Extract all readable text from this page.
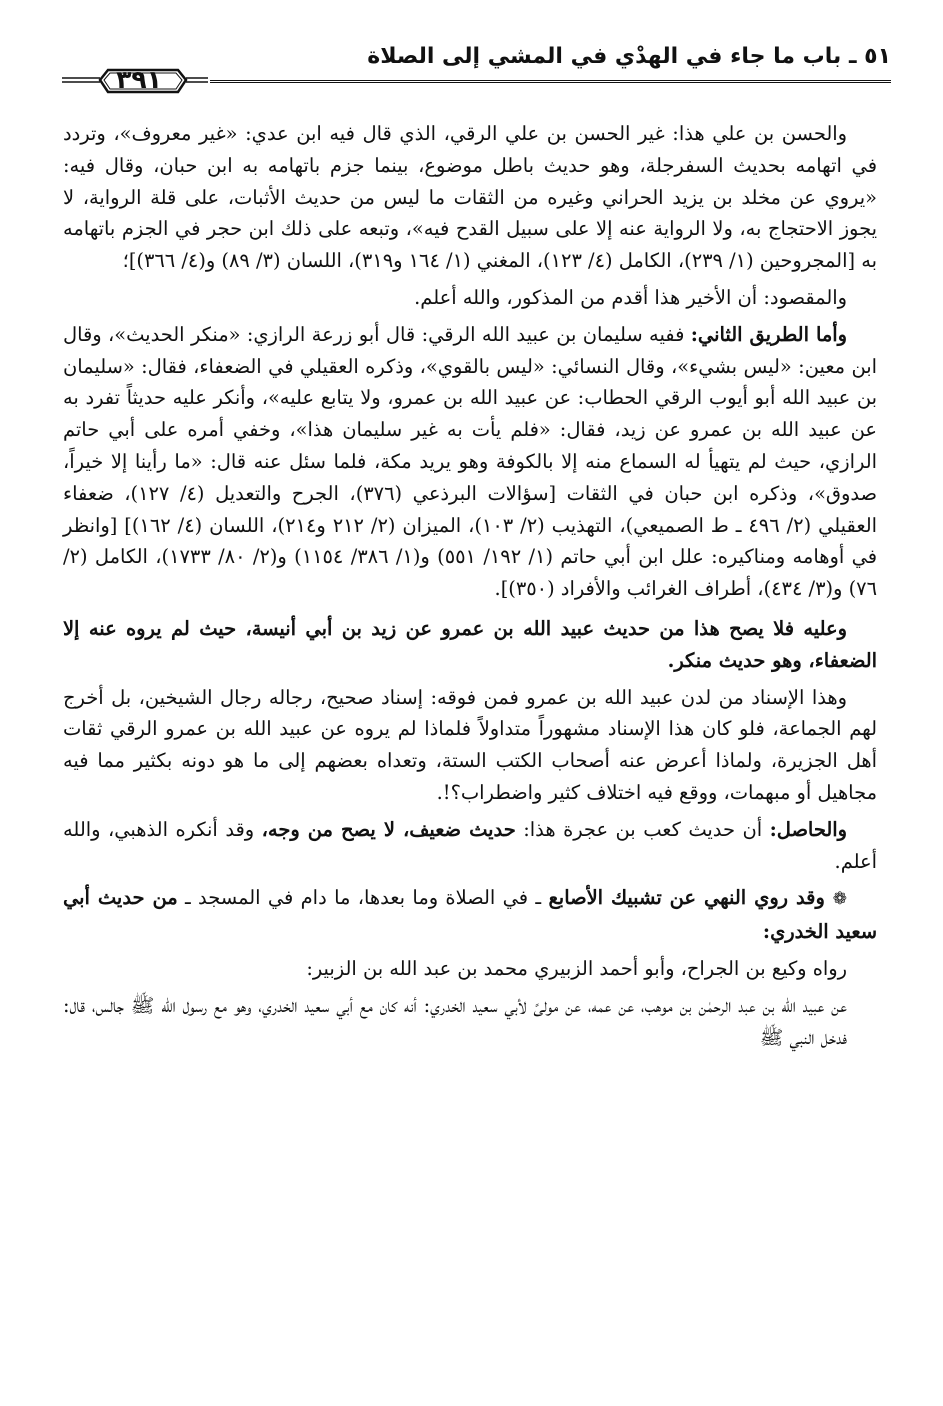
٥١ ـ باب ما جاء في الهدْي في المشي إلى الصلاة
٣٩١

والحسن بن علي هذا: غير الحسن بن علي الرقي، الذي قال فيه ابن عدي: «غير معروف»، وتردد في اتهامه بحديث السفرجلة، وهو حديث باطل موضوع، بينما جزم باتهامه به ابن حبان، وقال فيه: «يروي عن مخلد بن يزيد الحراني وغيره من الثقات ما ليس من حديث الأثبات، على قلة الرواية، لا يجوز الاحتجاج به، ولا الرواية عنه إلا على سبيل القدح فيه»، وتبعه على ذلك ابن حجر في الجزم باتهامه به [المجروحين (١/ ٢٣٩)، الكامل (٤/ ١٢٣)، المغني (١/ ١٦٤ و٣١٩)، اللسان (٣/ ٨٩) و(٤/ ٣٦٦)]؛

والمقصود: أن الأخير هذا أقدم من المذكور، والله أعلم.

وأما الطريق الثاني: ففيه سليمان بن عبيد الله الرقي: قال أبو زرعة الرازي: «منكر الحديث»، وقال ابن معين: «ليس بشيء»، وقال النسائي: «ليس بالقوي»، وذكره العقيلي في الضعفاء، فقال: «سليمان بن عبيد الله أبو أيوب الرقي الحطاب: عن عبيد الله بن عمرو، ولا يتابع عليه»، وأنكر عليه حديثاً تفرد به عن عبيد الله بن عمرو عن زيد، فقال: «فلم يأت به غير سليمان هذا»، وخفي أمره على أبي حاتم الرازي، حيث لم يتهيأ له السماع منه إلا بالكوفة وهو يريد مكة، فلما سئل عنه قال: «ما رأينا إلا خيراً، صدوق»، وذكره ابن حبان في الثقات [سؤالات البرذعي (٣٧٦)، الجرح والتعديل (٤/ ١٢٧)، ضعفاء العقيلي (٢/ ٤٩٦ ـ ط الصميعي)، التهذيب (٢/ ١٠٣)، الميزان (٢/ ٢١٢ و٢١٤)، اللسان (٤/ ١٦٢)] [وانظر في أوهامه ومناكيره: علل ابن أبي حاتم (١/ ١٩٢/ ٥٥١) و(١/ ٣٨٦/ ١١٥٤) و(٢/ ٨٠/ ١٧٣٣)، الكامل (٢/ ٧٦) و(٣/ ٤٣٤)، أطراف الغرائب والأفراد (٣٥٠)].

وعليه فلا يصح هذا من حديث عبيد الله بن عمرو عن زيد بن أبي أنيسة، حيث لم يروه عنه إلا الضعفاء، وهو حديث منكر.

وهذا الإسناد من لدن عبيد الله بن عمرو فمن فوقه: إسناد صحيح، رجاله رجال الشيخين، بل أخرج لهم الجماعة، فلو كان هذا الإسناد مشهوراً متداولاً فلماذا لم يروه عن عبيد الله بن عمرو الرقي ثقات أهل الجزيرة، ولماذا أعرض عنه أصحاب الكتب الستة، وتعداه بعضهم إلى ما هو دونه بكثير مما فيه مجاهيل أو مبهمات، ووقع فيه اختلاف كثير واضطراب؟!.

والحاصل: أن حديث كعب بن عجرة هذا: حديث ضعيف، لا يصح من وجه، وقد أنكره الذهبي، والله أعلم.

❁ وقد روي النهي عن تشبيك الأصابع ـ في الصلاة وما بعدها، ما دام في المسجد ـ من حديث أبي سعيد الخدري:

رواه وكيع بن الجراح، وأبو أحمد الزبيري محمد بن عبد الله بن الزبير:

عن عبيد الله بن عبد الرحمٰن بن موهب، عن عمه، عن مولىً لأبي سعيد الخدري: أنه كان مع أبي سعيد الخدري، وهو مع رسول الله ﷺ جالس، قال: فدخل النبي ﷺ
